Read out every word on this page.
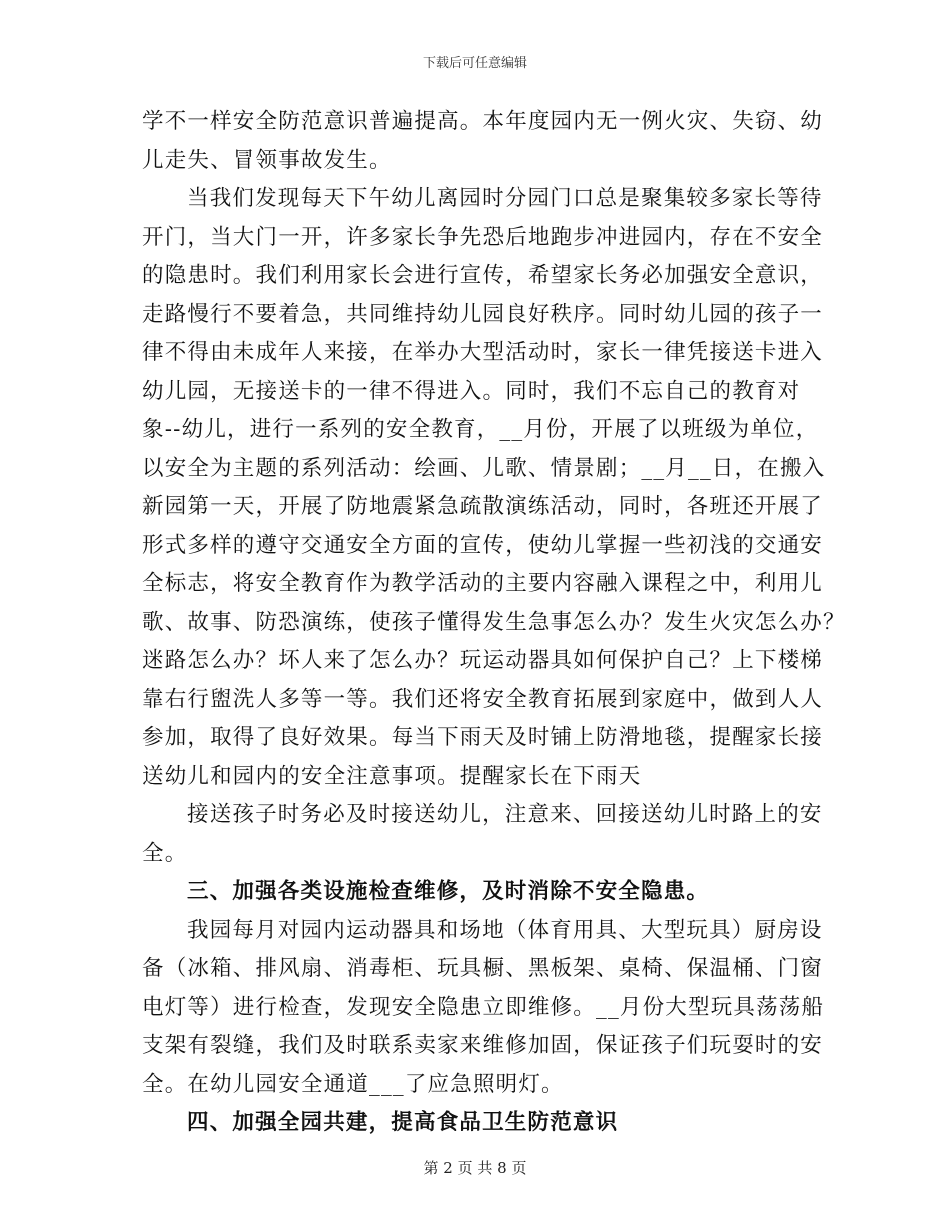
下载后可任意编辑
学不一样安全防范意识普遍提高。本年度园内无一例火灾、失窃、幼
儿走失、冒领事故发生。
当我们发现每天下午幼儿离园时分园门口总是聚集较多家长等待
开门，当大门一开，许多家长争先恐后地跑步冲进园内，存在不安全
的隐患时。我们利用家长会进行宣传，希望家长务必加强安全意识，
走路慢行不要着急，共同维持幼儿园良好秩序。同时幼儿园的孩子一
律不得由未成年人来接，在举办大型活动时，家长一律凭接送卡进入
幼儿园，无接送卡的一律不得进入。同时，我们不忘自己的教育对
象--幼儿，进行一系列的安全教育，__月份，开展了以班级为单位，
以安全为主题的系列活动：绘画、儿歌、情景剧；__月__日，在搬入
新园第一天，开展了防地震紧急疏散演练活动，同时，各班还开展了
形式多样的遵守交通安全方面的宣传，使幼儿掌握一些初浅的交通安
全标志，将安全教育作为教学活动的主要内容融入课程之中，利用儿
歌、故事、防恐演练，使孩子懂得发生急事怎么办？发生火灾怎么办？
迷路怎么办？坏人来了怎么办？玩运动器具如何保护自己？上下楼梯
靠右行盥洗人多等一等。我们还将安全教育拓展到家庭中，做到人人
参加，取得了良好效果。每当下雨天及时铺上防滑地毯，提醒家长接
送幼儿和园内的安全注意事项。提醒家长在下雨天
接送孩子时务必及时接送幼儿，注意来、回接送幼儿时路上的安
全。
三、加强各类设施检查维修，及时消除不安全隐患。
我园每月对园内运动器具和场地（体育用具、大型玩具）厨房设
备（冰箱、排风扇、消毒柜、玩具橱、黑板架、桌椅、保温桶、门窗
电灯等）进行检查，发现安全隐患立即维修。__月份大型玩具荡荡船
支架有裂缝，我们及时联系卖家来维修加固，保证孩子们玩耍时的安
全。在幼儿园安全通道___了应急照明灯。
四、加强全园共建，提高食品卫生防范意识
第 2 页 共 8 页
